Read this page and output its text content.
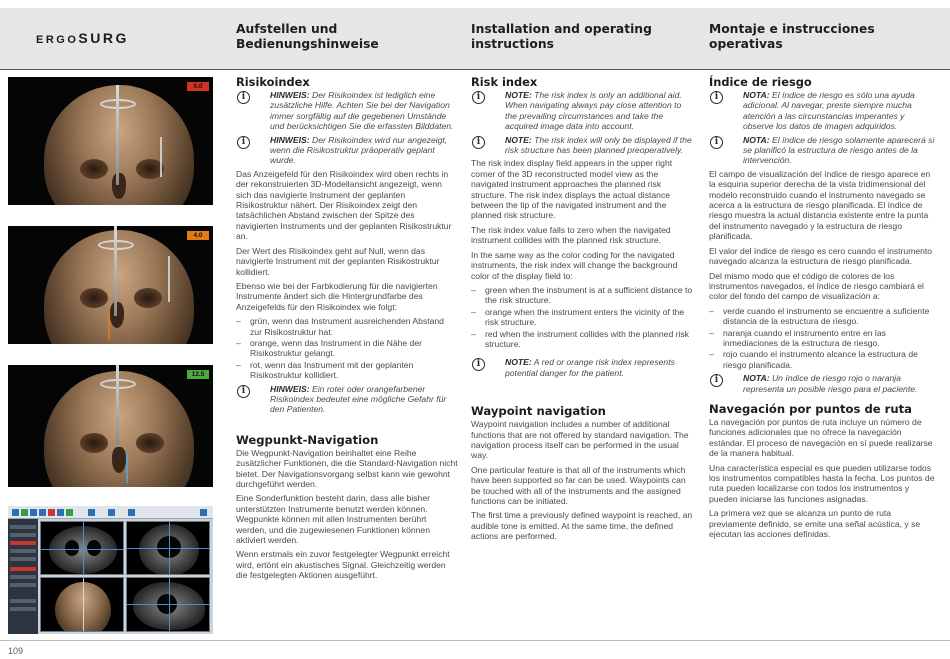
ERGOSURG
Aufstellen und Bedienungshinweise
Installation and operating instructions
Montaje e instrucciones operativas
0.0
4.0
12.5
Risikoindex
i	HINWEIS: Der Risikoindex ist lediglich eine zusätzliche Hilfe. Achten Sie bei der Navigation immer sorgfältig auf die gegebenen Umstände und berücksichtigen Sie die erfassten Bilddaten.
i	HINWEIS: Der Risikoindex wird nur angezeigt, wenn die Risikostruktur präoperativ geplant wurde.

Das Anzeigefeld für den Risikoindex wird oben rechts in der rekonstruierten 3D-Modellansicht angezeigt, wenn sich das navigierte Instrument der geplanten Risikostruktur nähert. Der Risikoindex zeigt den tatsächlichen Abstand zwischen der Spitze des navigierten Instruments und der geplanten Risikostruktur an.

Der Wert des Risikoindex geht auf Null, wenn das navigierte Instrument mit der geplanten Risikostruktur kollidiert.

Ebenso wie bei der Farbkodierung für die navigierten Instrumente ändert sich die Hintergrundfarbe des Anzeigefelds für den Risikoindex wie folgt:

– grün, wenn das Instrument ausreichenden Abstand zur Risikostruktur hat.
– orange, wenn das Instrument in die Nähe der Risikostruktur gelangt.
– rot, wenn das Instrument mit der geplanten Risikostruktur kollidiert.
i	HINWEIS: Ein roter oder orangefarbener Risikoindex bedeutet eine mögliche Gefahr für den Patienten.
Wegpunkt-Navigation

Die Wegpunkt-Navigation beinhaltet eine Reihe zusätzlicher Funktionen, die die Standard-Navigation nicht bietet. Der Navigationsvorgang selbst kann wie gewohnt durchgeführt werden.

Eine Sonderfunktion besteht darin, dass alle bisher unterstützten Instrumente benutzt werden können. Wegpunkte können mit allen Instrumenten berührt werden, und die zugewiesenen Funktionen können aktiviert werden.

Wenn erstmals ein zuvor festgelegter Wegpunkt erreicht wird, ertönt ein akustisches Signal. Gleichzeitig werden die festgelegten Aktionen ausgeführt.

Risk index
i	NOTE: The risk index is only an additional aid. When navigating always pay close attention to the prevailing circumstances and take the acquired image data into account.
i	NOTE: The risk index will only be displayed if the risk structure has been planned preoperatively.

The risk index display field appears in the upper right corner of the 3D reconstructed model view as the navigated instrument approaches the planned risk structure. The risk index displays the actual distance between the tip of the navigated instrument and the planned risk structure.

The risk index value falls to zero when the navigated instrument collides with the planned risk structure.

In the same way as the color coding for the navigated instruments, the risk index will change the background color of the display field to:

– green when the instrument is at a sufficient distance to the risk structure.
– orange when the instrument enters the vicinity of the risk structure.
– red when the instrument collides with the planned risk structure.
i	NOTE: A red or orange risk index represents potential danger for the patient.
Waypoint navigation

Waypoint navigation includes a number of additional functions that are not offered by standard navigation. The navigation process itself can be performed in the usual way.

One particular feature is that all of the instruments which have been supported so far can be used. Waypoints can be touched with all of the instruments and the assigned functions can be initiated.

The first time a previously defined waypoint is reached, an audible tone is emitted. At the same time, the defined actions are performed.

Índice de riesgo
i	NOTA: El índice de riesgo es sólo una ayuda adicional. Al navegar, preste siempre mucha atención a las circunstancias imperantes y observe los datos de imagen adquiridos.
i	NOTA: El índice de riesgo solamente aparecerá si se planificó la estructura de riesgo antes de la intervención.

El campo de visualización del índice de riesgo aparece en la esquina superior derecha de la vista tridimensional del modelo reconstruido cuando el instrumento navegado se acerca a la estructura de riesgo planificada. El índice de riesgo muestra la actual distancia existente entre la punta del instrumento navegado y la estructura de riesgo planificada.

El valor del índice de riesgo es cero cuando el instrumento navegado alcanza la estructura de riesgo planificada.

Del mismo modo que el código de colores de los instrumentos navegados, el índice de riesgo cambiará el color del fondo del campo de visualización a:

– verde cuando el instrumento se encuentre a suficiente distancia de la estructura de riesgo.
– naranja cuando el instrumento entre en las inmediaciones de la estructura de riesgo.
– rojo cuando el instrumento alcance la estructura de riesgo planificada.
i	NOTA: Un índice de riesgo rojo o naranja representa un posible riesgo para el paciente.
Navegación por puntos de ruta

La navegación por puntos de ruta incluye un número de funciones adicionales que no ofrece la navegación estándar. El proceso de navegación en sí puede realizarse de la manera habitual.

Una característica especial es que pueden utilizarse todos los instrumentos compatibles hasta la fecha. Los puntos de ruta pueden localizarse con todos los instrumentos y pueden iniciarse las funciones asignadas.

La primera vez que se alcanza un punto de ruta previamente definido, se emite una señal acústica, y se ejecutan las acciones definidas.

109
